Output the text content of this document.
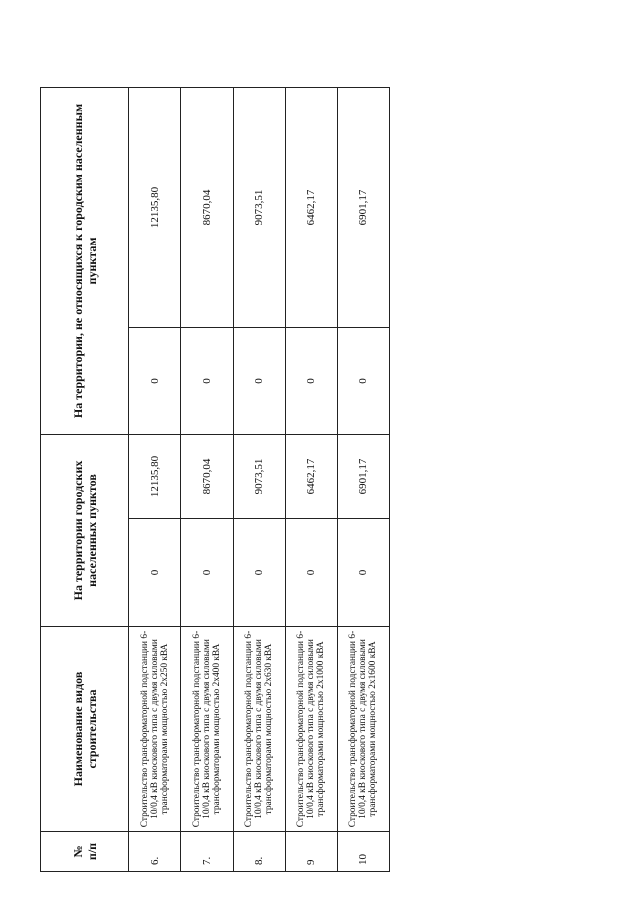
№
п/п	Наименование видов строительства	На территории городских населенных пунктов		На территории, не относящихся к городским населенным пунктам	
6.	Строительство трансформаторной подстанции 6-10/0,4 кВ киоскового типа с двумя силовыми трансформаторами мощностью 2х250 кВА	0	12135,80	0	12135,80
7.	Строительство трансформаторной подстанции 6-10/0,4 кВ киоскового типа с двумя силовыми трансформаторами мощностью 2х400 кВА	0	8670,04	0	8670,04
8.	Строительство трансформаторной подстанции 6-10/0,4 кВ киоскового типа с двумя силовыми трансформаторами мощностью 2х630 кВА	0	9073,51	0	9073,51
9	Строительство трансформаторной подстанции 6-10/0,4 кВ киоскового типа с двумя силовыми трансформаторами мощностью 2х1000 кВА	0	6462,17	0	6462,17
10	Строительство трансформаторной подстанции 6-10/0,4 кВ киоскового типа с двумя силовыми трансформаторами мощностью 2х1600 кВА	0	6901,17	0	6901,17
